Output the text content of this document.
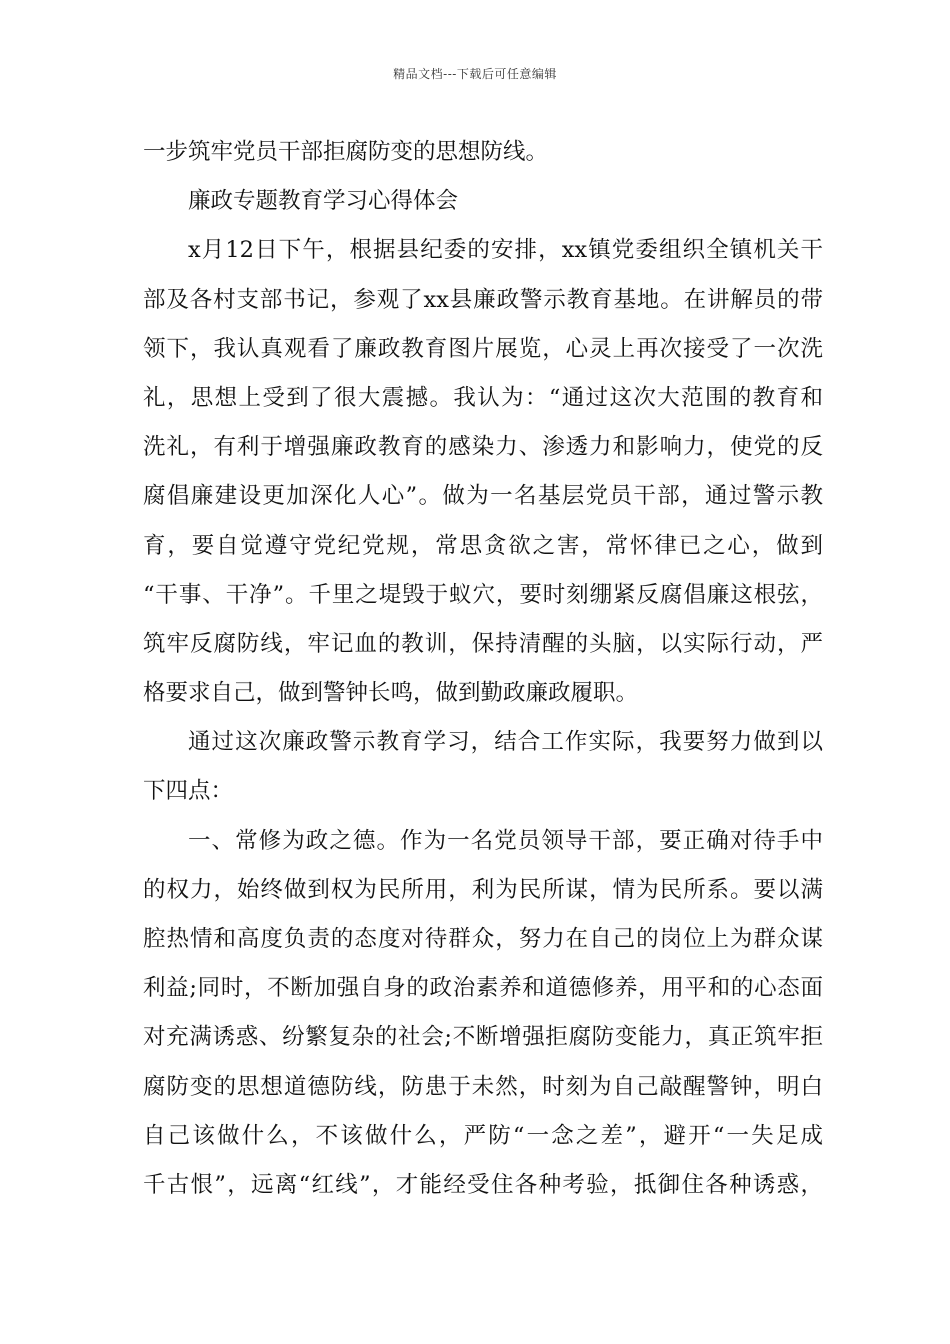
精品文档---下载后可任意编辑
一步筑牢党员干部拒腐防变的思想防线。
廉政专题教育学习心得体会
x月12日下午，根据县纪委的安排，xx镇党委组织全镇机关干
部及各村支部书记，参观了xx县廉政警示教育基地。在讲解员的带
领下，我认真观看了廉政教育图片展览，心灵上再次接受了一次洗
礼，思想上受到了很大震撼。我认为：“通过这次大范围的教育和
洗礼，有利于增强廉政教育的感染力、渗透力和影响力，使党的反
腐倡廉建设更加深化人心”。做为一名基层党员干部，通过警示教
育，要自觉遵守党纪党规，常思贪欲之害，常怀律已之心，做到
“干事、干净”。千里之堤毁于蚁穴，要时刻绷紧反腐倡廉这根弦，
筑牢反腐防线，牢记血的教训，保持清醒的头脑，以实际行动，严
格要求自己，做到警钟长鸣，做到勤政廉政履职。
通过这次廉政警示教育学习，结合工作实际，我要努力做到以
下四点：
一、常修为政之德。作为一名党员领导干部，要正确对待手中
的权力，始终做到权为民所用，利为民所谋，情为民所系。要以满
腔热情和高度负责的态度对待群众，努力在自己的岗位上为群众谋
利益;同时，不断加强自身的政治素养和道德修养，用平和的心态面
对充满诱惑、纷繁复杂的社会;不断增强拒腐防变能力，真正筑牢拒
腐防变的思想道德防线，防患于未然，时刻为自己敲醒警钟，明白
自己该做什么，不该做什么，严防“一念之差”，避开“一失足成
千古恨”，远离“红线”，才能经受住各种考验，抵御住各种诱惑，
